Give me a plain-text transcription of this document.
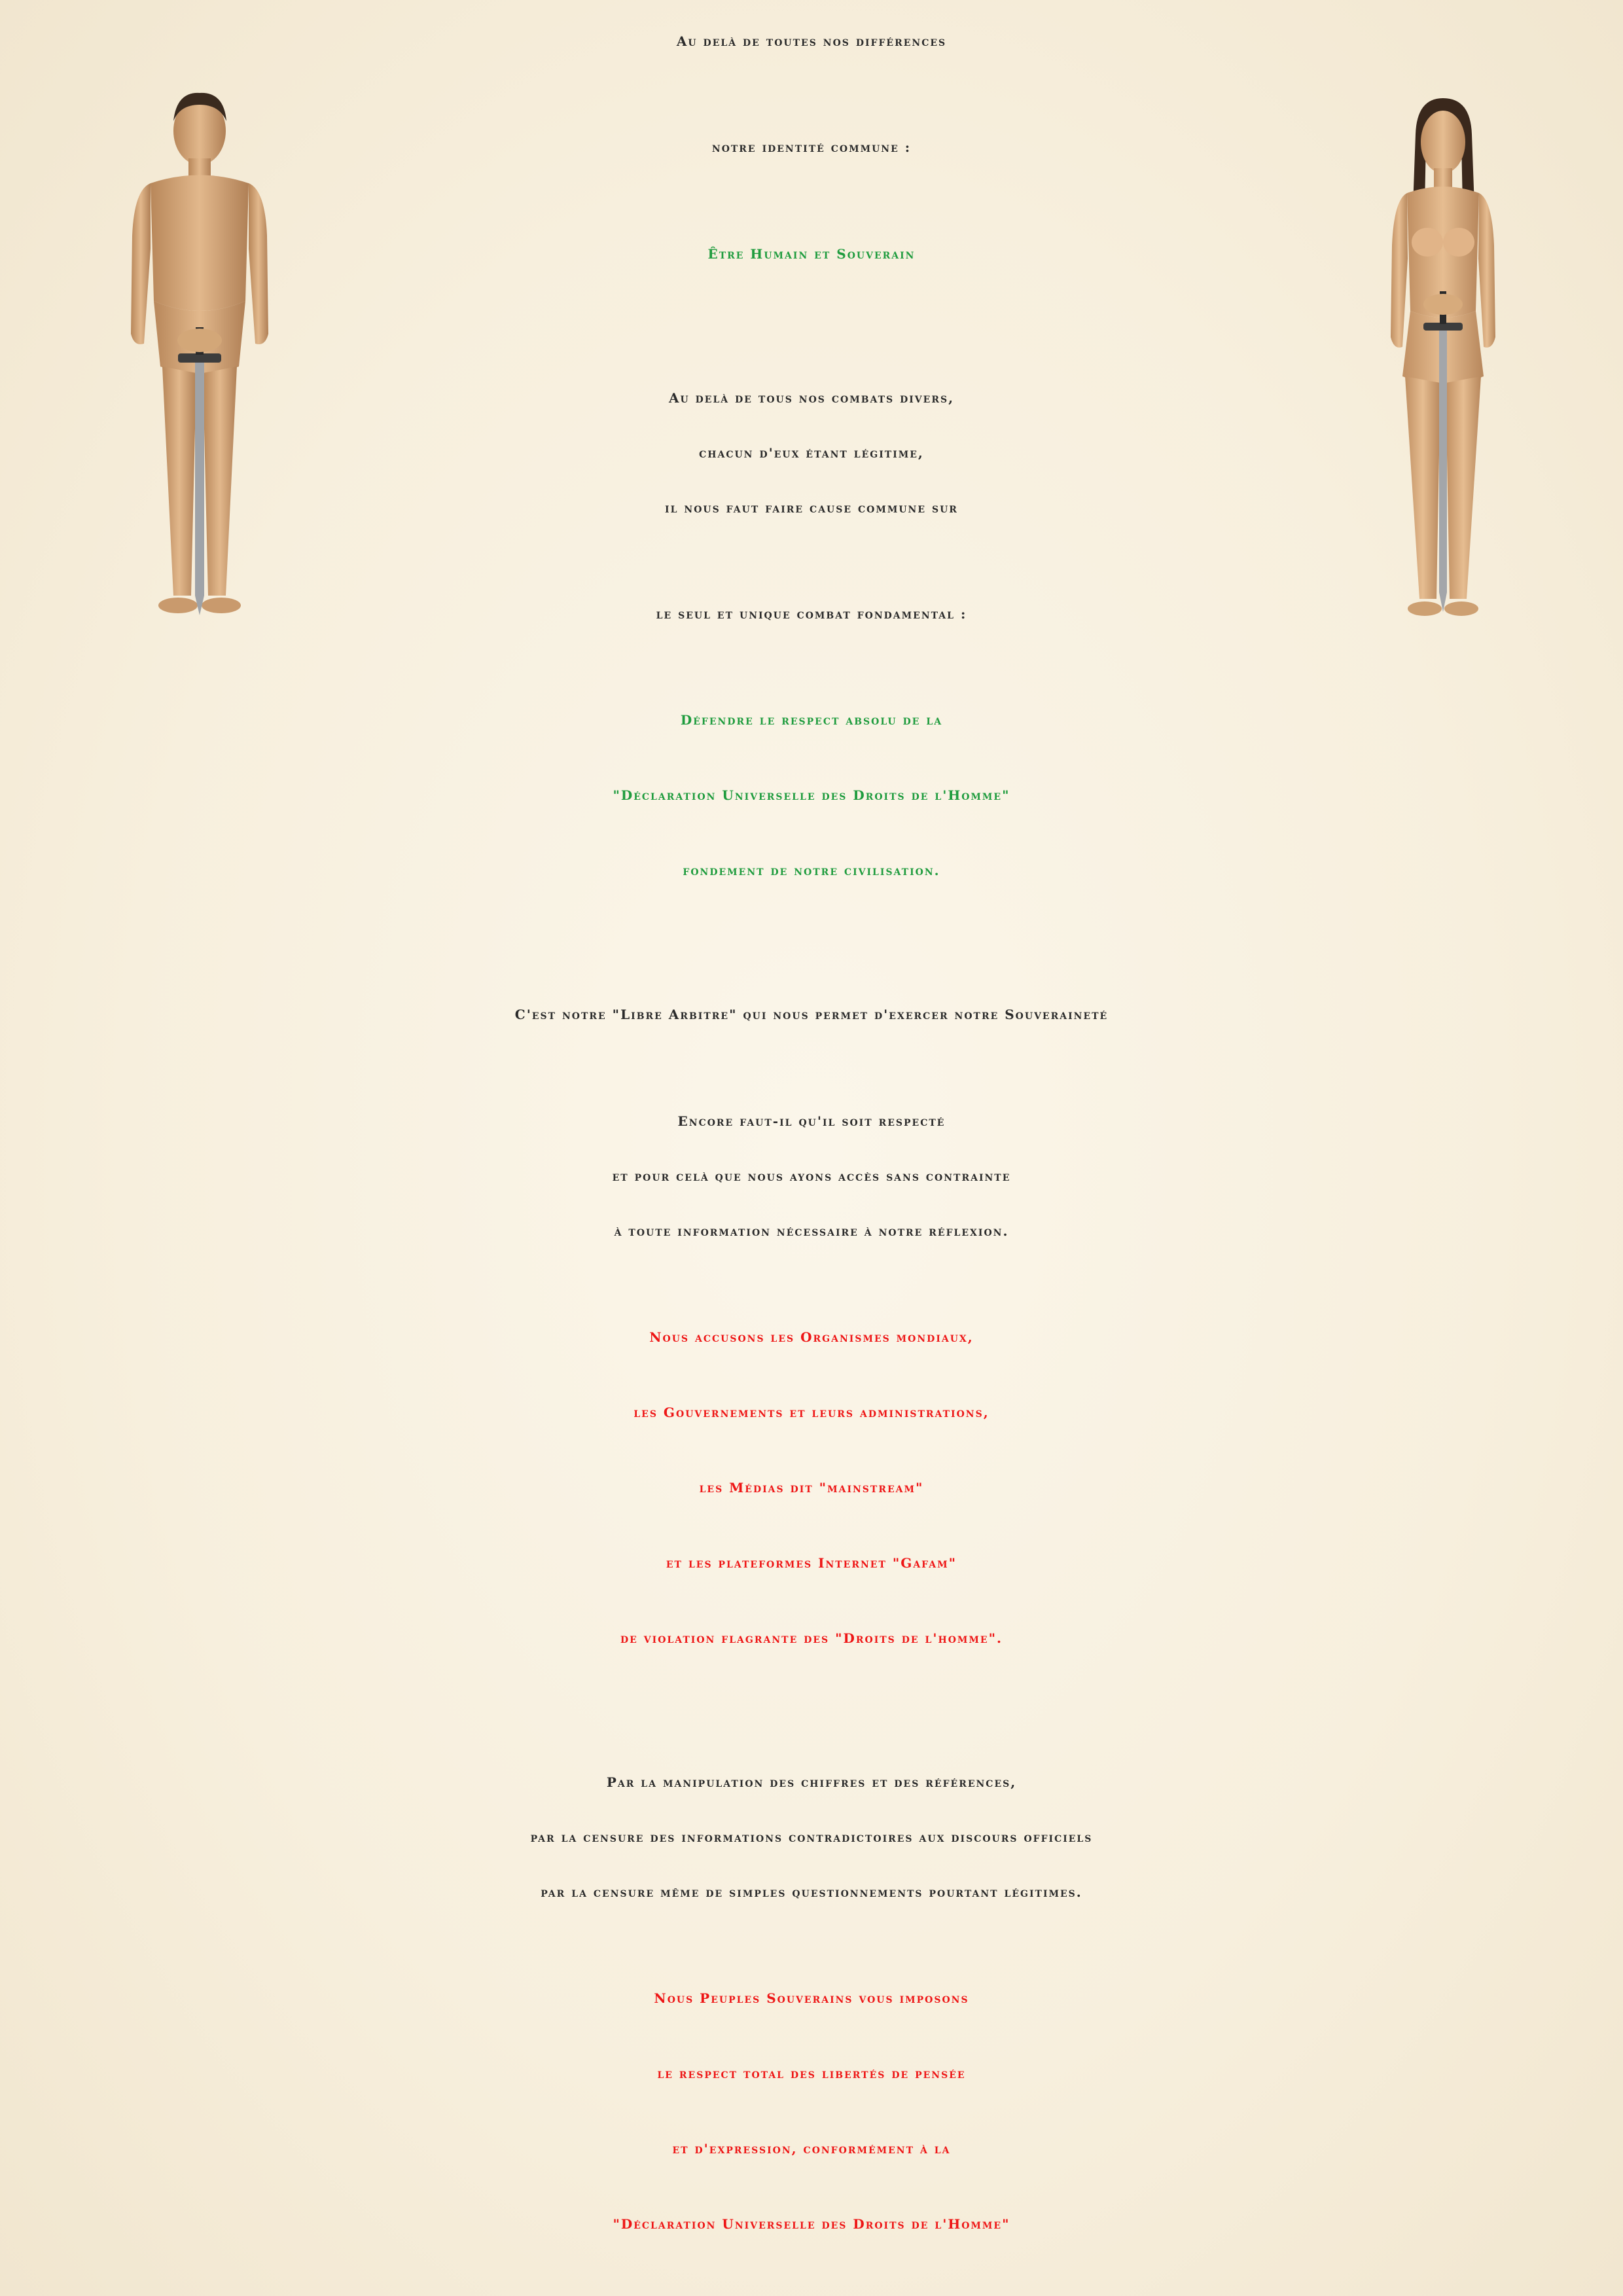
Au delà de toutes nos différences
notre identité commune :
Être Humain et Souverain
Au delà de tous nos combats divers,
chacun d'eux étant légitime,
il nous faut faire cause commune sur
le seul et unique combat fondamental :
Défendre le respect absolu de la
"Déclaration Universelle des Droits de l'Homme"
fondement de notre civilisation.
C'est notre "Libre Arbitre" qui nous permet d'exercer notre Souveraineté
Encore faut-il qu'il soit respecté
et pour celà que nous ayons accès sans contrainte
à toute information nécessaire à notre réflexion.
Nous accusons les Organismes mondiaux,
les Gouvernements et leurs administrations,
les Médias dit "mainstream"
et les plateformes Internet "Gafam"
de violation flagrante des "Droits de l'homme".
Par la manipulation des chiffres et des références,
par la censure des informations contradictoires aux discours officiels
par la censure même de simples questionnements pourtant légitimes.
Nous Peuples Souverains vous imposons
le respect total des libertés de pensée
et d'expression, conformément à la
"Déclaration Universelle des Droits de l'Homme"
